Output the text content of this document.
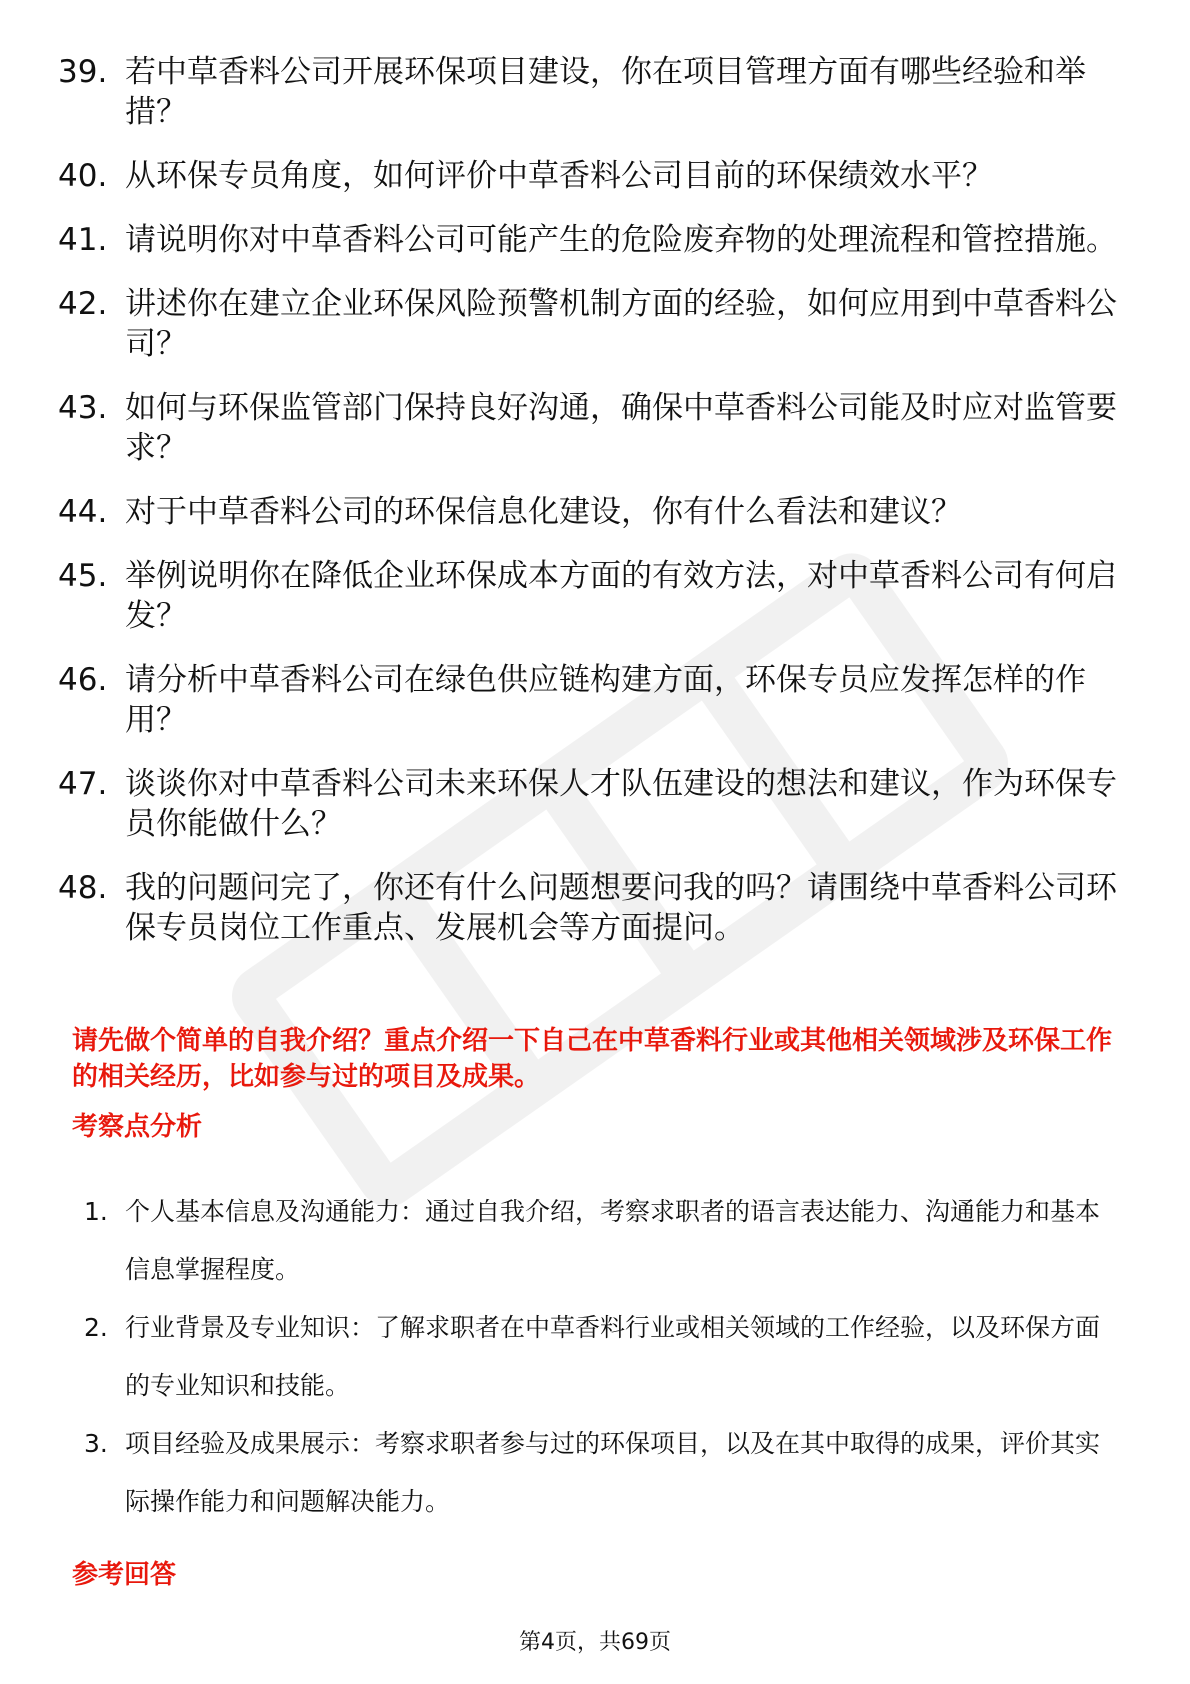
39. 若中草香料公司开展环保项目建设，你在项目管理方面有哪些经验和举措？
40. 从环保专员角度，如何评价中草香料公司目前的环保绩效水平？
41. 请说明你对中草香料公司可能产生的危险废弃物的处理流程和管控措施。
42. 讲述你在建立企业环保风险预警机制方面的经验，如何应用到中草香料公司？
43. 如何与环保监管部门保持良好沟通，确保中草香料公司能及时应对监管要求？
44. 对于中草香料公司的环保信息化建设，你有什么看法和建议？
45. 举例说明你在降低企业环保成本方面的有效方法，对中草香料公司有何启发？
46. 请分析中草香料公司在绿色供应链构建方面，环保专员应发挥怎样的作用？
47. 谈谈你对中草香料公司未来环保人才队伍建设的想法和建议，作为环保专员你能做什么？
48. 我的问题问完了，你还有什么问题想要问我的吗？请围绕中草香料公司环保专员岗位工作重点、发展机会等方面提问。
请先做个简单的自我介绍？重点介绍一下自己在中草香料行业或其他相关领域涉及环保工作的相关经历，比如参与过的项目及成果。
考察点分析
1. 个人基本信息及沟通能力：通过自我介绍，考察求职者的语言表达能力、沟通能力和基本信息掌握程度。
2. 行业背景及专业知识：了解求职者在中草香料行业或相关领域的工作经验，以及环保方面的专业知识和技能。
3. 项目经验及成果展示：考察求职者参与过的环保项目，以及在其中取得的成果，评价其实际操作能力和问题解决能力。
参考回答
第4页，共69页
